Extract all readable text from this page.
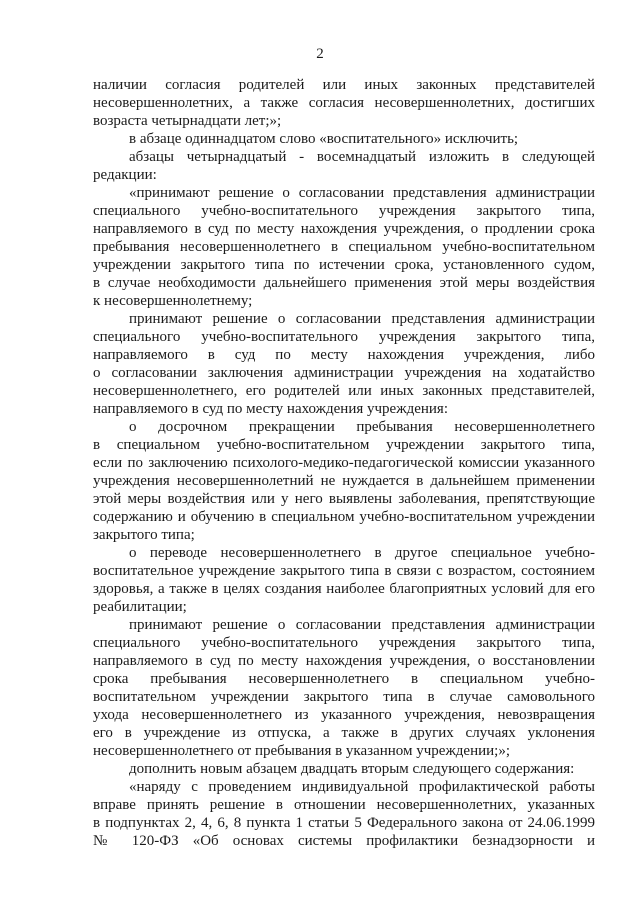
2
наличии согласия родителей или иных законных представителей
несовершеннолетних, а также согласия несовершеннолетних, достигших
возраста четырнадцати лет;»;
в абзаце одиннадцатом слово «воспитательного» исключить;
абзацы четырнадцатый - восемнадцатый изложить в следующей
редакции:
«принимают решение о согласовании представления администрации
специального учебно-воспитательного учреждения закрытого типа,
направляемого в суд по месту нахождения учреждения, о продлении срока
пребывания несовершеннолетнего в специальном учебно-воспитательном
учреждении закрытого типа по истечении срока, установленного судом,
в случае необходимости дальнейшего применения этой меры воздействия
к несовершеннолетнему;
принимают решение о согласовании представления администрации
специального учебно-воспитательного учреждения закрытого типа,
направляемого в суд по месту нахождения учреждения, либо
о согласовании заключения администрации учреждения на ходатайство
несовершеннолетнего, его родителей или иных законных представителей,
направляемого в суд по месту нахождения учреждения:
о досрочном прекращении пребывания несовершеннолетнего
в специальном учебно-воспитательном учреждении закрытого типа,
если по заключению психолого-медико-педагогической комиссии указанного
учреждения несовершеннолетний не нуждается в дальнейшем применении
этой меры воздействия или у него выявлены заболевания, препятствующие
содержанию и обучению в специальном учебно-воспитательном учреждении
закрытого типа;
о переводе несовершеннолетнего в другое специальное учебно-
воспитательное учреждение закрытого типа в связи с возрастом, состоянием
здоровья, а также в целях создания наиболее благоприятных условий для его
реабилитации;
принимают решение о согласовании представления администрации
специального учебно-воспитательного учреждения закрытого типа,
направляемого в суд по месту нахождения учреждения, о восстановлении
срока пребывания несовершеннолетнего в специальном учебно-
воспитательном учреждении закрытого типа в случае самовольного
ухода несовершеннолетнего из указанного учреждения, невозвращения
его в учреждение из отпуска, а также в других случаях уклонения
несовершеннолетнего от пребывания в указанном учреждении;»;
дополнить новым абзацем двадцать вторым следующего содержания:
«наряду с проведением индивидуальной профилактической работы
вправе принять решение в отношении несовершеннолетних, указанных
в подпунктах 2, 4, 6, 8 пункта 1 статьи 5 Федерального закона от 24.06.1999
№ 120-ФЗ «Об основах системы профилактики безнадзорности и
